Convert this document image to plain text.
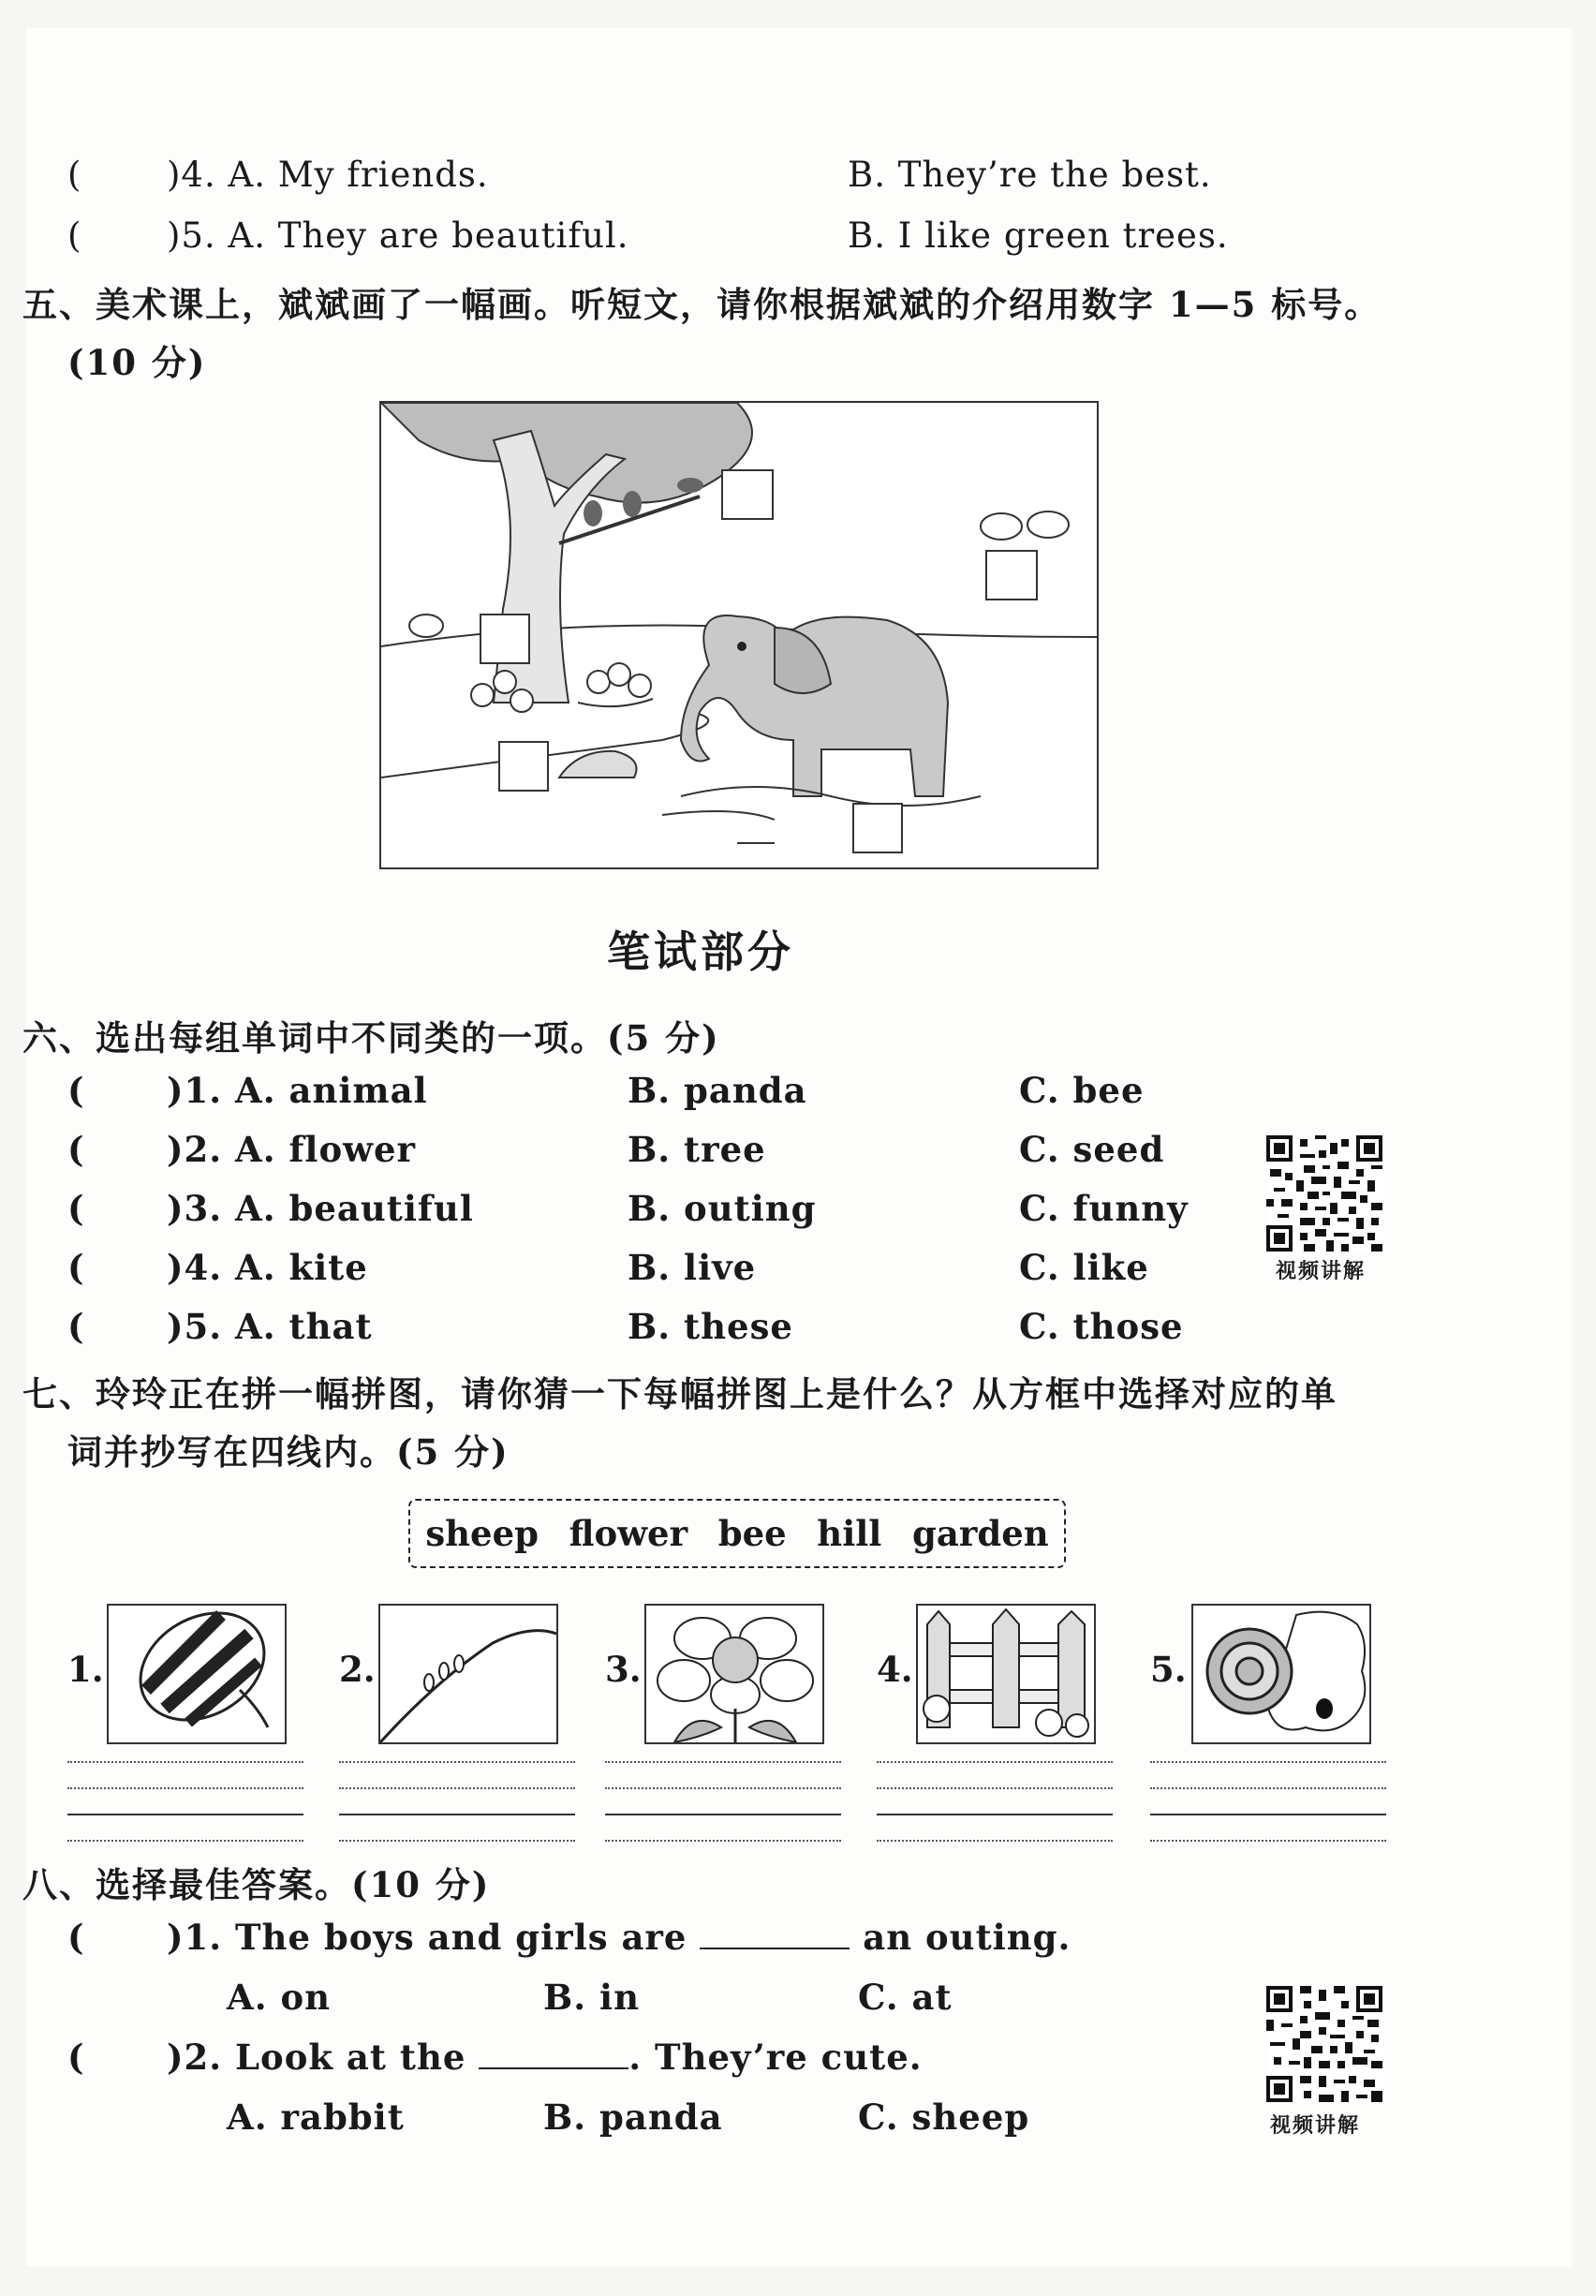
( )4. A. My friends.	B. They’re the best.
( )5. A. They are beautiful.	B. I like green trees.
五、美术课上，斌斌画了一幅画。听短文，请你根据斌斌的介绍用数字 1—5 标号。
(10 分)
笔试部分
六、选出每组单词中不同类的一项。(5 分)
( )1. A. animal	B. panda	C. bee
( )2. A. flower	B. tree	C. seed
( )3. A. beautiful	B. outing	C. funny
( )4. A. kite	B. live	C. like
( )5. A. that	B. these	C. those
视频讲解
七、玲玲正在拼一幅拼图，请你猜一下每幅拼图上是什么？从方框中选择对应的单
词并抄写在四线内。(5 分)
sheep flower bee hill garden
1.	2.	3.	4.	5.
八、选择最佳答案。(10 分)
( )1. The boys and girls are	an outing.
A. on	B. in	C. at
( )2. Look at the	. They’re cute.
A. rabbit	B. panda	C. sheep	视频讲解
